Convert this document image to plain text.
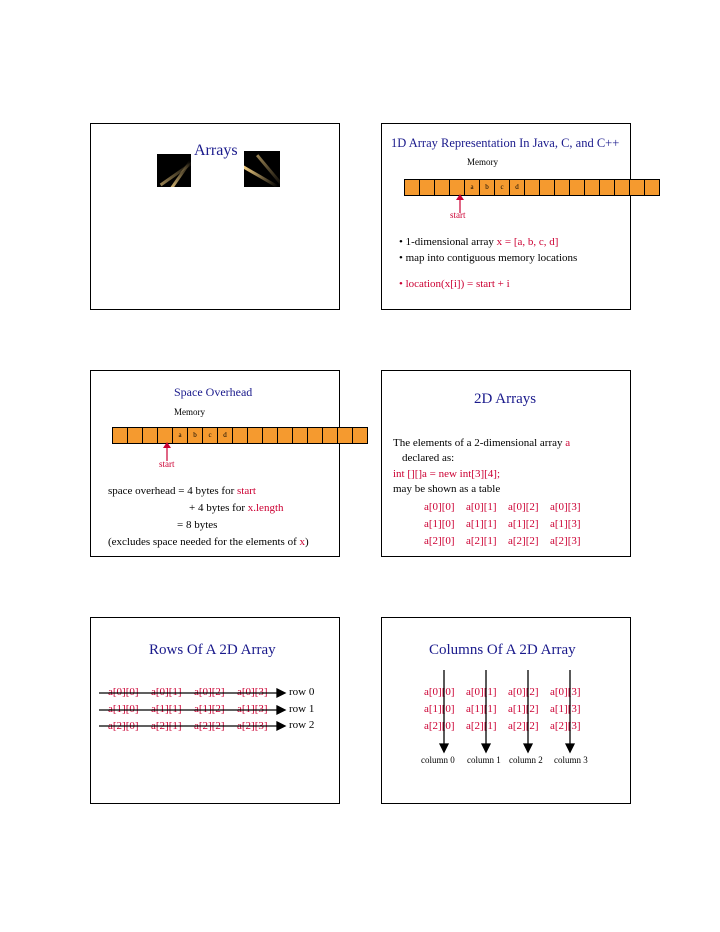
Arrays	1D Array Representation In Java, C, and C++
Memory
a	b	c	d
start
• 1-dimensional array x = [a, b, c, d]
• map into contiguous memory locations
• location(x[i]) = start + i
Space Overhead
Memory
a	b	c	d
start
space overhead = 4 bytes for start
+ 4 bytes for x.length
= 8 bytes
(excludes space needed for the elements of x)
2D Arrays
The elements of a 2-dimensional array a
declared as:
int [][]a = new int[3][4];
may be shown as a table
a[0][0] a[0][1] a[0][2] a[0][3]
a[1][0] a[1][1] a[1][2] a[1][3]
a[2][0] a[2][1] a[2][2] a[2][3]
Rows Of A 2D Array
a[0][0] a[0][1] a[0][2] a[0][3]
a[1][0] a[1][1] a[1][2] a[1][3]
a[2][0] a[2][1] a[2][2] a[2][3]
row 0
row 1
row 2
Columns Of A 2D Array
a[0][0] a[0][1] a[0][2] a[0][3]
a[1][0] a[1][1] a[1][2] a[1][3]
a[2][0] a[2][1] a[2][2] a[2][3]
column 0 column 1 column 2 column 3
